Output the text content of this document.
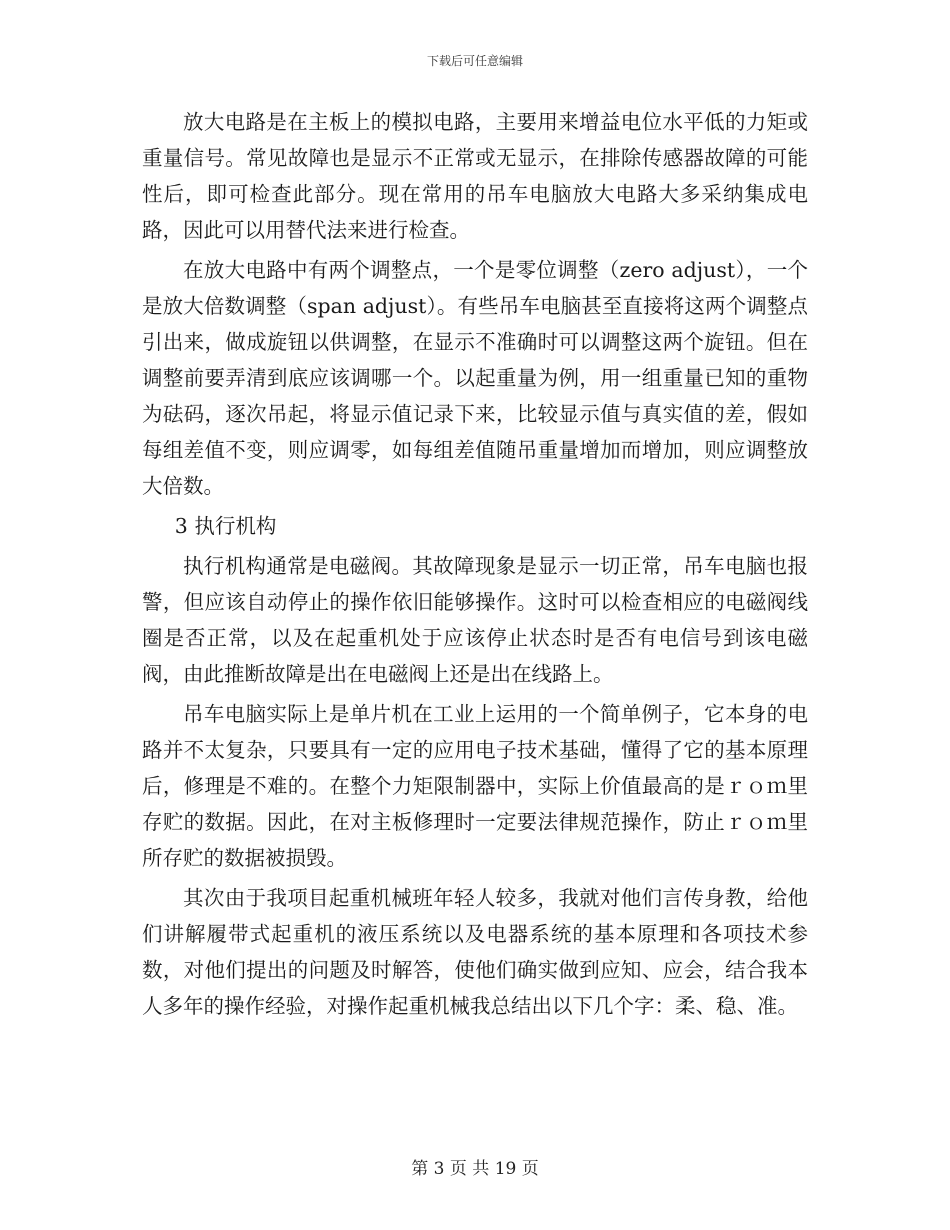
下载后可任意编辑

放大电路是在主板上的模拟电路，主要用来增益电位水平低的力矩或重量信号。常见故障也是显示不正常或无显示，在排除传感器故障的可能性后，即可检查此部分。现在常用的吊车电脑放大电路大多采纳集成电路，因此可以用替代法来进行检查。

在放大电路中有两个调整点，一个是零位调整（zero adjust），一个是放大倍数调整（span adjust）。有些吊车电脑甚至直接将这两个调整点引出来，做成旋钮以供调整，在显示不准确时可以调整这两个旋钮。但在调整前要弄清到底应该调哪一个。以起重量为例，用一组重量已知的重物为砝码，逐次吊起，将显示值记录下来，比较显示值与真实值的差，假如每组差值不变，则应调零，如每组差值随吊重量增加而增加，则应调整放大倍数。

3 执行机构

执行机构通常是电磁阀。其故障现象是显示一切正常，吊车电脑也报警，但应该自动停止的操作依旧能够操作。这时可以检查相应的电磁阀线圈是否正常，以及在起重机处于应该停止状态时是否有电信号到该电磁阀，由此推断故障是出在电磁阀上还是出在线路上。

吊车电脑实际上是单片机在工业上运用的一个简单例子，它本身的电路并不太复杂，只要具有一定的应用电子技术基础，懂得了它的基本原理后，修理是不难的。在整个力矩限制器中，实际上价值最高的是ｒｏｍ里存贮的数据。因此，在对主板修理时一定要法律规范操作，防止ｒｏｍ里所存贮的数据被损毁。

其次由于我项目起重机械班年轻人较多，我就对他们言传身教，给他们讲解履带式起重机的液压系统以及电器系统的基本原理和各项技术参数，对他们提出的问题及时解答，使他们确实做到应知、应会，结合我本人多年的操作经验，对操作起重机械我总结出以下几个字：柔、稳、准。

第 3 页 共 19 页
